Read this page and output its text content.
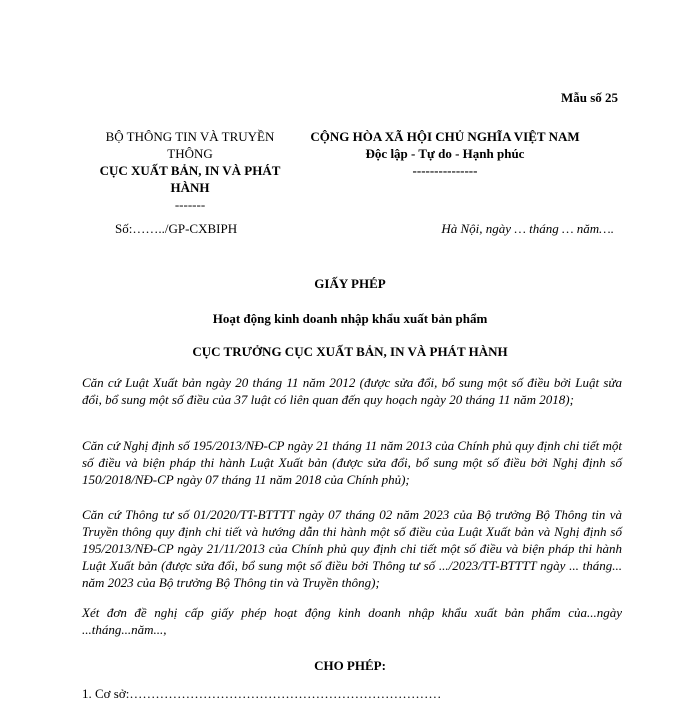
Mẫu số 25
BỘ THÔNG TIN VÀ TRUYỀN THÔNG
CỤC XUẤT BẢN, IN VÀ PHÁT HÀNH
-------
CỘNG HÒA XÃ HỘI CHỦ NGHĨA VIỆT NAM
Độc lập - Tự do - Hạnh phúc
---------------
Số:……../GP-CXBIPH	Hà Nội, ngày … tháng … năm….
GIẤY PHÉP
Hoạt động kinh doanh nhập khẩu xuất bản phẩm
CỤC TRƯỞNG CỤC XUẤT BẢN, IN VÀ PHÁT HÀNH
Căn cứ Luật Xuất bản ngày 20 tháng 11 năm 2012 (được sửa đổi, bổ sung một số điều bởi Luật sửa đổi, bổ sung một số điều của 37 luật có liên quan đến quy hoạch ngày 20 tháng 11 năm 2018);
Căn cứ Nghị định số 195/2013/NĐ-CP ngày 21 tháng 11 năm 2013 của Chính phủ quy định chi tiết một số điều và biện pháp thi hành Luật Xuất bản (được sửa đổi, bổ sung một số điều bởi Nghị định số 150/2018/NĐ-CP ngày 07 tháng 11 năm 2018 của Chính phủ);
Căn cứ Thông tư số 01/2020/TT-BTTTT ngày 07 tháng 02 năm 2023 của Bộ trưởng Bộ Thông tin và Truyền thông quy định chi tiết và hướng dẫn thi hành một số điều của Luật Xuất bản và Nghị định số 195/2013/NĐ-CP ngày 21/11/2013 của Chính phủ quy định chi tiết một số điều và biện pháp thi hành Luật Xuất bản (được sửa đổi, bổ sung một số điều bởi Thông tư số .../2023/TT-BTTTT ngày ... tháng... năm 2023 của Bộ trưởng Bộ Thông tin và Truyền thông);
Xét đơn đề nghị cấp giấy phép hoạt động kinh doanh nhập khẩu xuất bản phẩm của...ngày ...tháng...năm...,
CHO PHÉP:
1. Cơ sở:………………………………………………………………
